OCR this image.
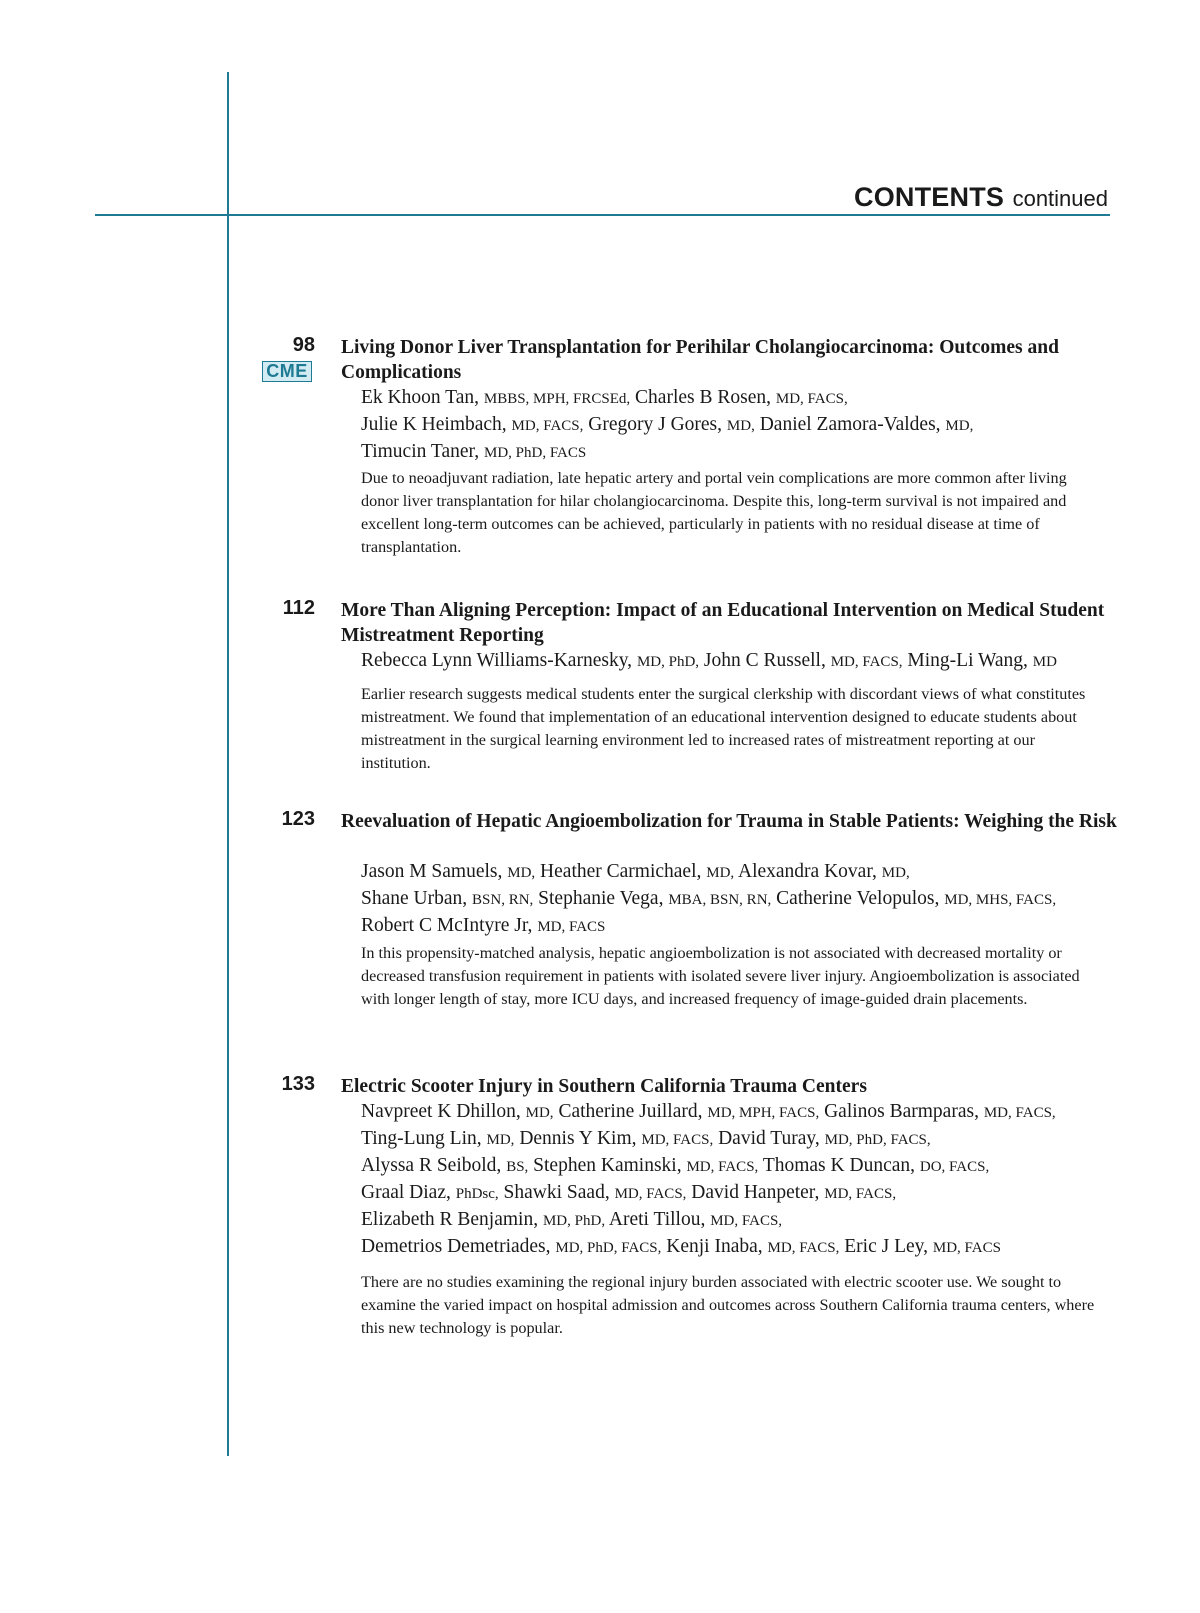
CONTENTS continued
98
CME

Living Donor Liver Transplantation for Perihilar Cholangiocarcinoma: Outcomes and Complications

Ek Khoon Tan, MBBS, MPH, FRCSEd, Charles B Rosen, MD, FACS,
Julie K Heimbach, MD, FACS, Gregory J Gores, MD, Daniel Zamora-Valdes, MD,
Timucin Taner, MD, PhD, FACS

Due to neoadjuvant radiation, late hepatic artery and portal vein complications are more common after living donor liver transplantation for hilar cholangiocarcinoma. Despite this, long-term survival is not impaired and excellent long-term outcomes can be achieved, particularly in patients with no residual disease at time of transplantation.

112 More Than Aligning Perception: Impact of an Educational Intervention on Medical Student Mistreatment Reporting

Rebecca Lynn Williams-Karnesky, MD, PhD, John C Russell, MD, FACS, Ming-Li Wang, MD

Earlier research suggests medical students enter the surgical clerkship with discordant views of what constitutes mistreatment. We found that implementation of an educational intervention designed to educate students about mistreatment in the surgical learning environment led to increased rates of mistreatment reporting at our institution.

123 Reevaluation of Hepatic Angioembolization for Trauma in Stable Patients: Weighing the Risk

Jason M Samuels, MD, Heather Carmichael, MD, Alexandra Kovar, MD,
Shane Urban, BSN, RN, Stephanie Vega, MBA, BSN, RN, Catherine Velopulos, MD, MHS, FACS,
Robert C McIntyre Jr, MD, FACS

In this propensity-matched analysis, hepatic angioembolization is not associated with decreased mortality or decreased transfusion requirement in patients with isolated severe liver injury. Angioembolization is associated with longer length of stay, more ICU days, and increased frequency of image-guided drain placements.

133 Electric Scooter Injury in Southern California Trauma Centers

Navpreet K Dhillon, MD, Catherine Juillard, MD, MPH, FACS, Galinos Barmparas, MD, FACS,
Ting-Lung Lin, MD, Dennis Y Kim, MD, FACS, David Turay, MD, PhD, FACS,
Alyssa R Seibold, BS, Stephen Kaminski, MD, FACS, Thomas K Duncan, DO, FACS,
Graal Diaz, PhDsc, Shawki Saad, MD, FACS, David Hanpeter, MD, FACS,
Elizabeth R Benjamin, MD, PhD, Areti Tillou, MD, FACS,
Demetrios Demetriades, MD, PhD, FACS, Kenji Inaba, MD, FACS, Eric J Ley, MD, FACS

There are no studies examining the regional injury burden associated with electric scooter use. We sought to examine the varied impact on hospital admission and outcomes across Southern California trauma centers, where this new technology is popular.
